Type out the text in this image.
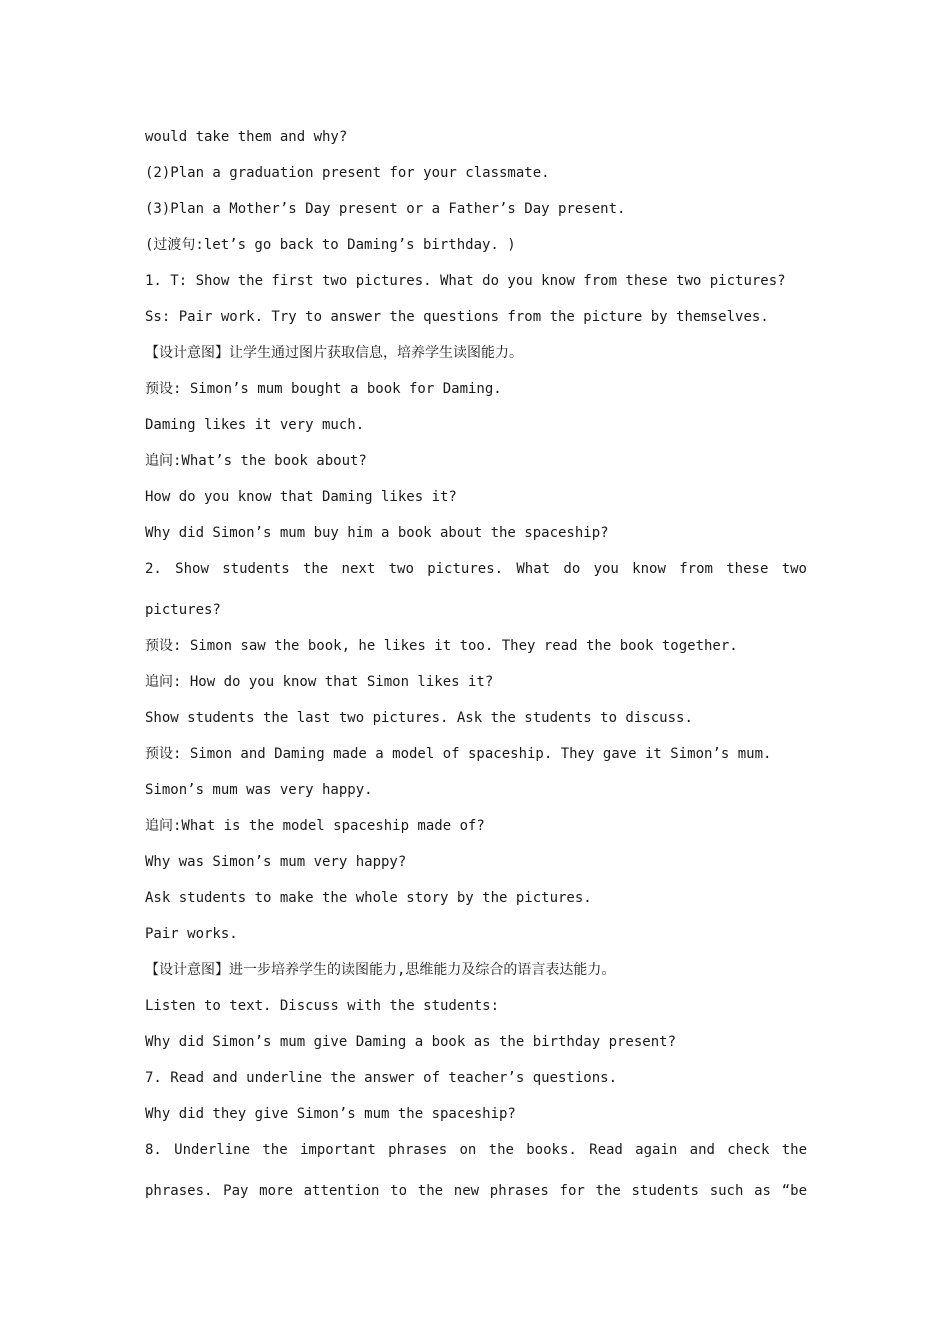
would take them and why?
(2)Plan a graduation present for your classmate.
(3)Plan a Mother’s Day present or a Father’s Day present.
(过渡句:let’s go back to Daming’s birthday. )
1. T: Show the first two pictures. What do you know from these two pictures?
Ss: Pair work. Try to answer the questions from the picture by themselves.
【设计意图】让学生通过图片获取信息，培养学生读图能力。
预设: Simon’s mum bought a book for Daming.
Daming likes it very much.
追问:What’s the book about?
How do you know that Daming likes it?
Why did Simon’s mum buy him a book about the spaceship?
2. Show students the next two pictures. What do you know from these two
pictures?
预设: Simon saw the book, he likes it too. They read the book together.
追问: How do you know that Simon likes it?
Show students the last two pictures. Ask the students to discuss.
预设: Simon and Daming made a model of spaceship. They gave it Simon’s mum.
Simon’s mum was very happy.
追问:What is the model spaceship made of?
Why was Simon’s mum very happy?
Ask students to make the whole story by the pictures.
Pair works.
【设计意图】进一步培养学生的读图能力,思维能力及综合的语言表达能力。
Listen to text. Discuss with the students:
Why did Simon’s mum give Daming a book as the birthday present?
7. Read and underline the answer of teacher’s questions.
Why did they give Simon’s mum the spaceship?
8. Underline the important phrases on the books. Read again and check the
phrases. Pay more attention to the new phrases for the students such as “be
